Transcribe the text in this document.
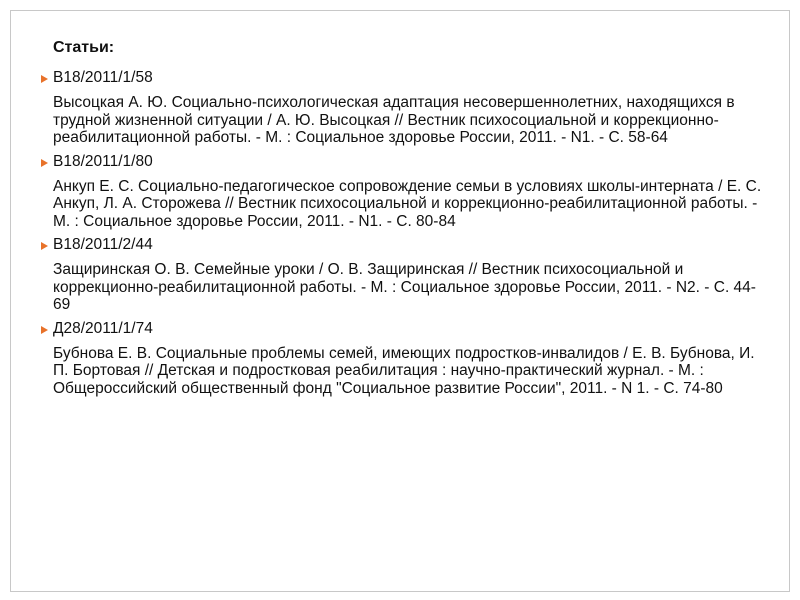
Статьи:
В18/2011/1/58
Высоцкая А. Ю. Социально-психологическая адаптация несовершеннолетних, находящихся в трудной жизненной ситуации / А. Ю. Высоцкая // Вестник психосоциальной и коррекционно-реабилитационной работы. - М. : Социальное здоровье России, 2011. - N1. - С. 58-64
В18/2011/1/80
Анкуп Е. С. Социально-педагогическое сопровождение семьи в условиях школы-интерната / Е. С. Анкуп, Л. А. Сторожева // Вестник психосоциальной и коррекционно-реабилитационной работы. - М. : Социальное здоровье России, 2011. - N1. - С. 80-84
В18/2011/2/44
Защиринская О. В. Семейные уроки / О. В. Защиринская // Вестник психосоциальной и коррекционно-реабилитационной работы. - М. : Социальное здоровье России, 2011. - N2. - С. 44-69
Д28/2011/1/74
Бубнова Е. В. Социальные проблемы семей, имеющих подростков-инвалидов / Е. В. Бубнова, И. П. Бортовая // Детская и подростковая реабилитация : научно-практический журнал. - М. : Общероссийский общественный фонд "Социальное развитие России", 2011. - N 1. - С. 74-80
